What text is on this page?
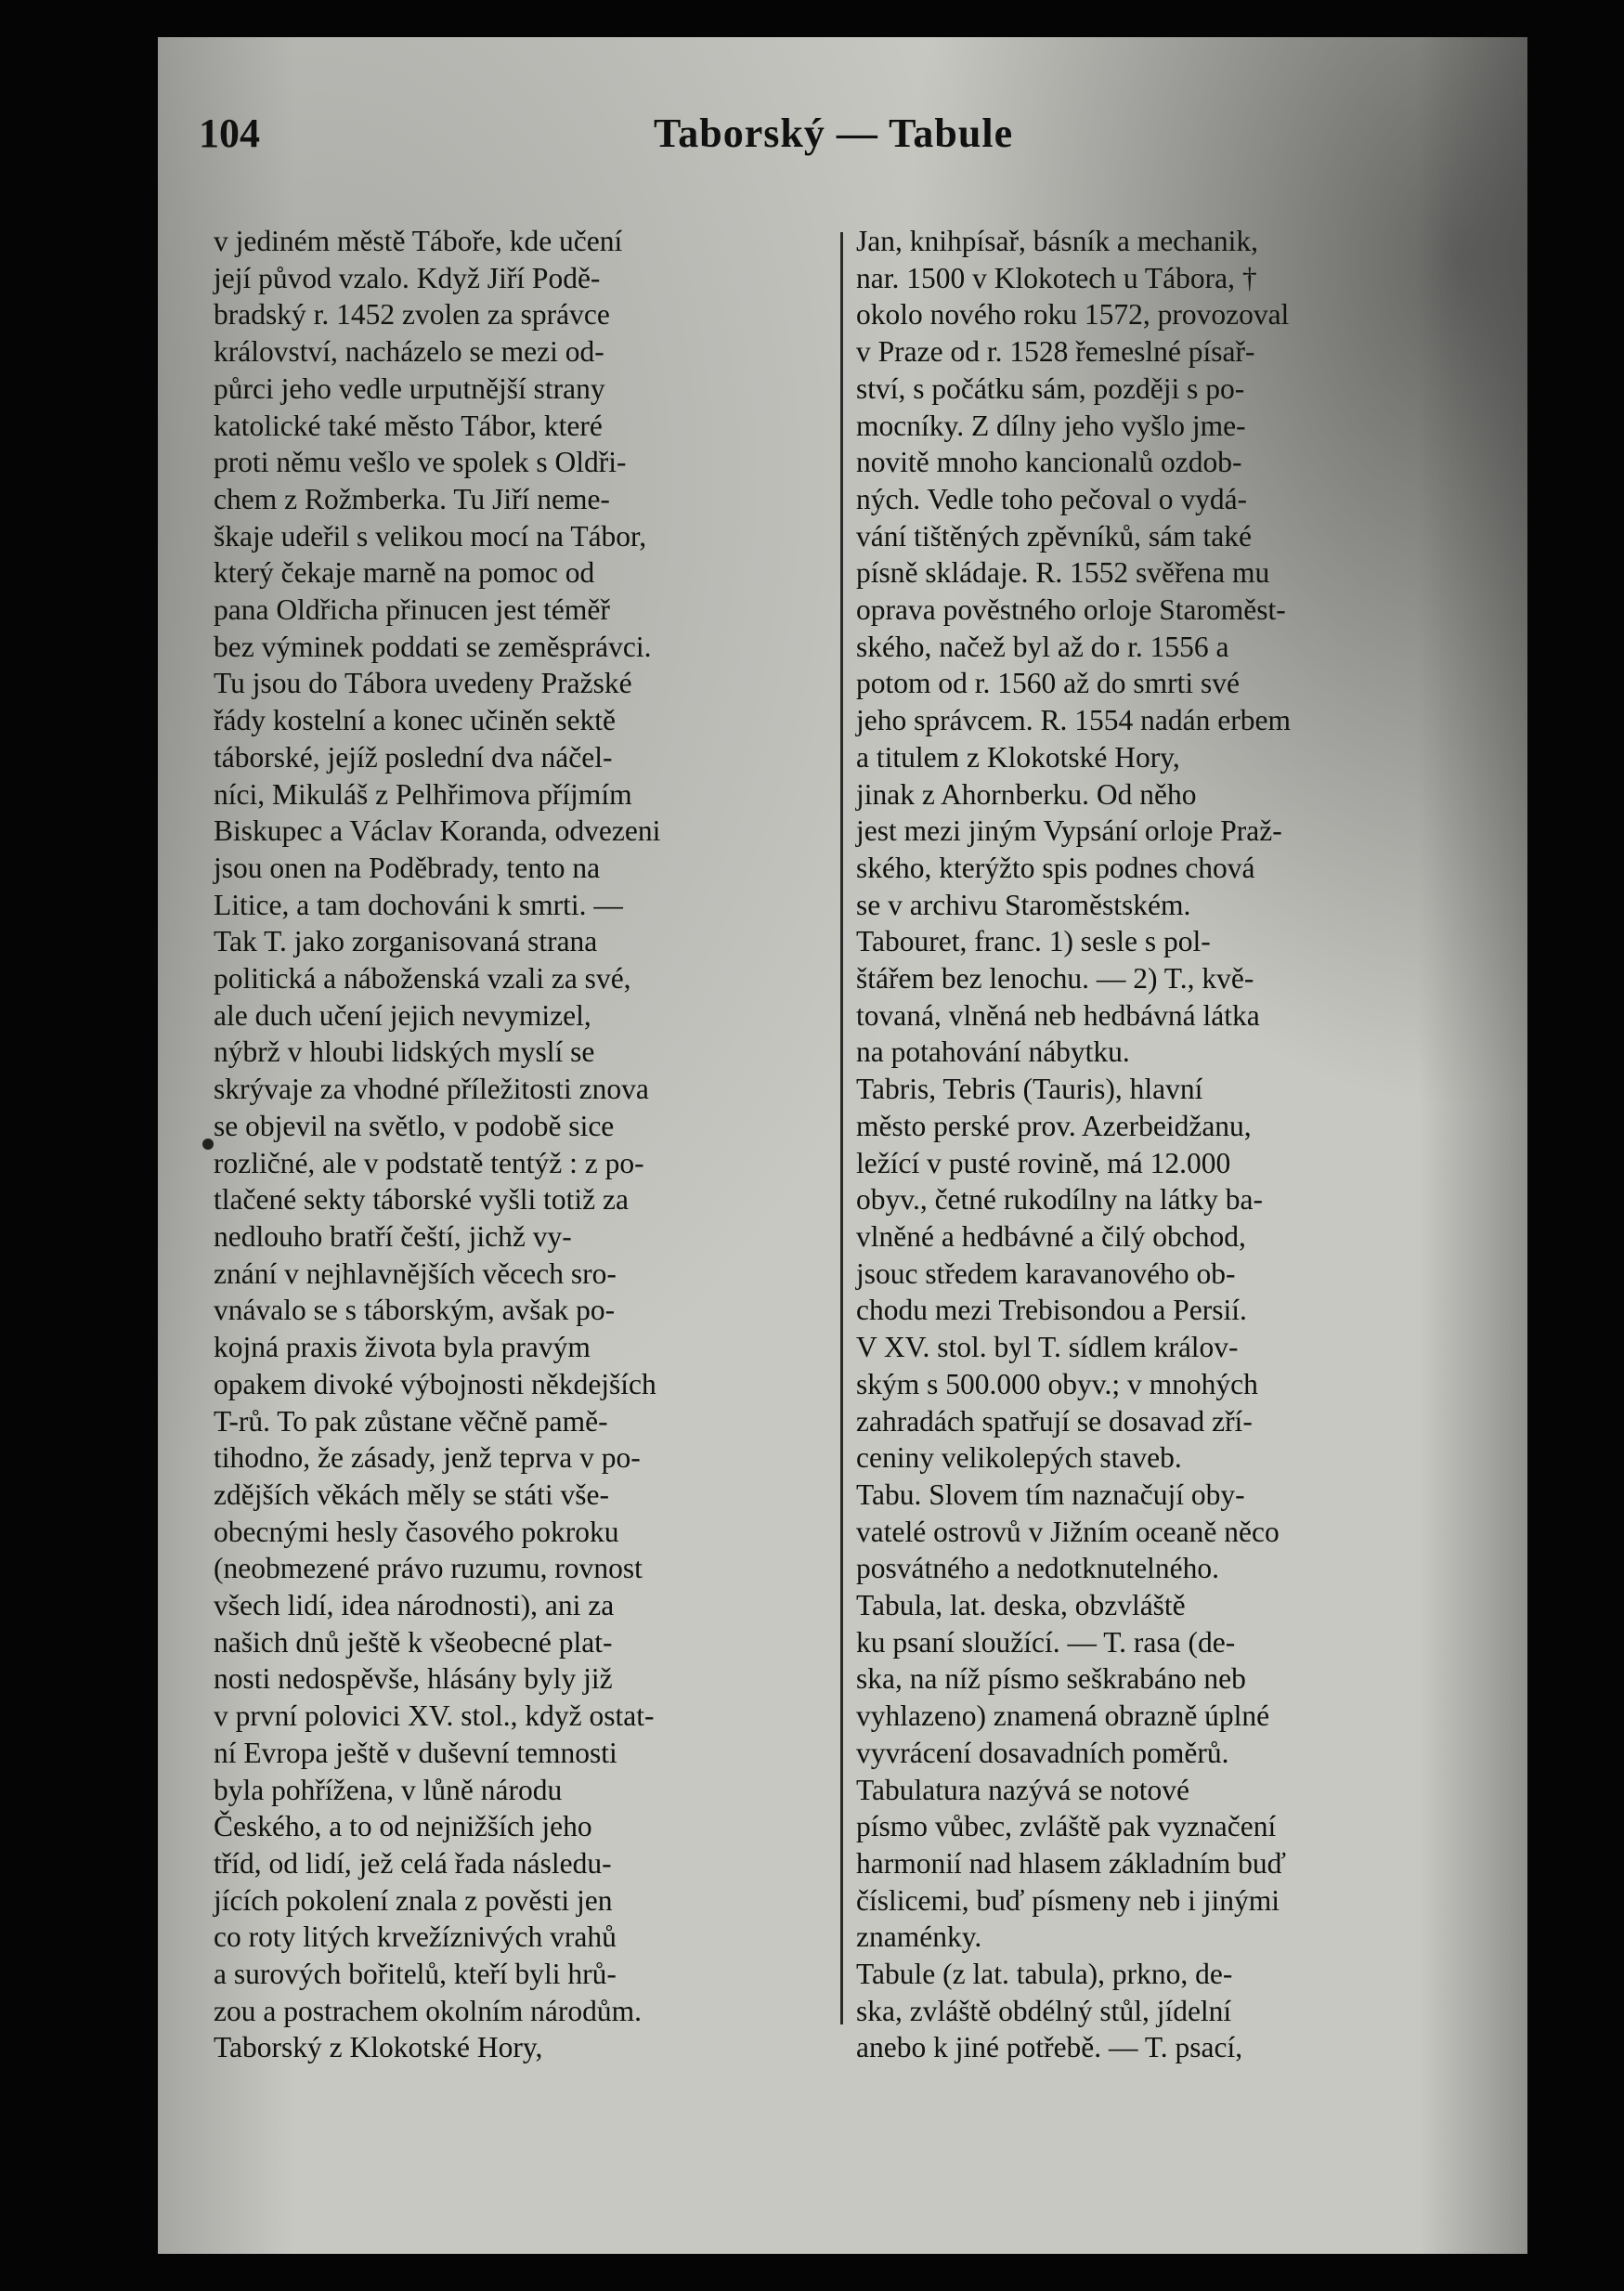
104	Taborský — Tabule

v jediném městě Táboře, kde učení

její původ vzalo. Když Jiří Podě-

bradský r. 1452 zvolen za správce

království, nacházelo se mezi od-

půrci jeho vedle urputnější strany

katolické také město Tábor, které

proti němu vešlo ve spolek s Oldři-

chem z Rožmberka. Tu Jiří neme-

škaje udeřil s velikou mocí na Tábor,

který čekaje marně na pomoc od

pana Oldřicha přinucen jest téměř

bez výminek poddati se zeměsprávci.

Tu jsou do Tábora uvedeny Pražské

řády kostelní a konec učiněn sektě

táborské, jejíž poslední dva náčel-

níci, Mikuláš z Pelhřimova příjmím

Biskupec a Václav Koranda, odvezeni

jsou onen na Poděbrady, tento na

Litice, a tam dochováni k smrti. —

Tak T. jako zorganisovaná strana

politická a náboženská vzali za své,

ale duch učení jejich nevymizel,

nýbrž v hloubi lidských myslí se

skrývaje za vhodné příležitosti znova

se objevil na světlo, v podobě sice

rozličné, ale v podstatě tentýž : z po-

tlačené sekty táborské vyšli totiž za

nedlouho bratří čeští, jichž vy-

znání v nejhlavnějších věcech sro-

vnávalo se s táborským, avšak po-

kojná praxis života byla pravým

opakem divoké výbojnosti někdejších

T-rů. To pak zůstane věčně pamě-

tihodno, že zásady, jenž teprva v po-

zdějších věkách měly se státi vše-

obecnými hesly časového pokroku

(neobmezené právo ruzumu, rovnost

všech lidí, idea národnosti), ani za

našich dnů ještě k všeobecné plat-

nosti nedospěvše, hlásány byly již

v první polovici XV. stol., když ostat-

ní Evropa ještě v duševní temnosti

byla pohřížena, v lůně národu

Českého, a to od nejnižších jeho

tříd, od lidí, jež celá řada následu-

jících pokolení znala z pověsti jen

co roty litých krvežíznivých vrahů

a surových bořitelů, kteří byli hrů-

zou a postrachem okolním národům.

Taborský z Klokotské Hory,

Jan, knihpísař, básník a mechanik,

nar. 1500 v Klokotech u Tábora, †

okolo nového roku 1572, provozoval

v Praze od r. 1528 řemeslné písař-

ství, s počátku sám, později s po-

mocníky. Z dílny jeho vyšlo jme-

novitě mnoho kancionalů ozdob-

ných. Vedle toho pečoval o vydá-

vání tištěných zpěvníků, sám také

písně skládaje. R. 1552 svěřena mu

oprava pověstného orloje Staroměst-

ského, načež byl až do r. 1556 a

potom od r. 1560 až do smrti své

jeho správcem. R. 1554 nadán erbem

a titulem z Klokotské Hory,

jinak z Ahornberku. Od něho

jest mezi jiným Vypsání orloje Praž-

ského, kterýžto spis podnes chová

se v archivu Staroměstském.

Tabouret, franc. 1) sesle s pol-

štářem bez lenochu. — 2) T., kvě-

tovaná, vlněná neb hedbávná látka

na potahování nábytku.

Tabris, Tebris (Tauris), hlavní

město perské prov. Azerbeidžanu,

ležící v pusté rovině, má 12.000

obyv., četné rukodílny na látky ba-

vlněné a hedbávné a čilý obchod,

jsouc středem karavanového ob-

chodu mezi Trebisondou a Persií.

V XV. stol. byl T. sídlem králov-

ským s 500.000 obyv.; v mnohých

zahradách spatřují se dosavad zří-

ceniny velikolepých staveb.

Tabu. Slovem tím naznačují oby-

vatelé ostrovů v Jižním oceaně něco

posvátného a nedotknutelného.

Tabula, lat. deska, obzvláště

ku psaní sloužící. — T. rasa (de-

ska, na níž písmo seškrabáno neb

vyhlazeno) znamená obrazně úplné

vyvrácení dosavadních poměrů.

Tabulatura nazývá se notové

písmo vůbec, zvláště pak vyznačení

harmonií nad hlasem základním buď

číslicemi, buď písmeny neb i jinými

znaménky.

Tabule (z lat. tabula), prkno, de-

ska, zvláště obdélný stůl, jídelní

anebo k jiné potřebě. — T. psací,
